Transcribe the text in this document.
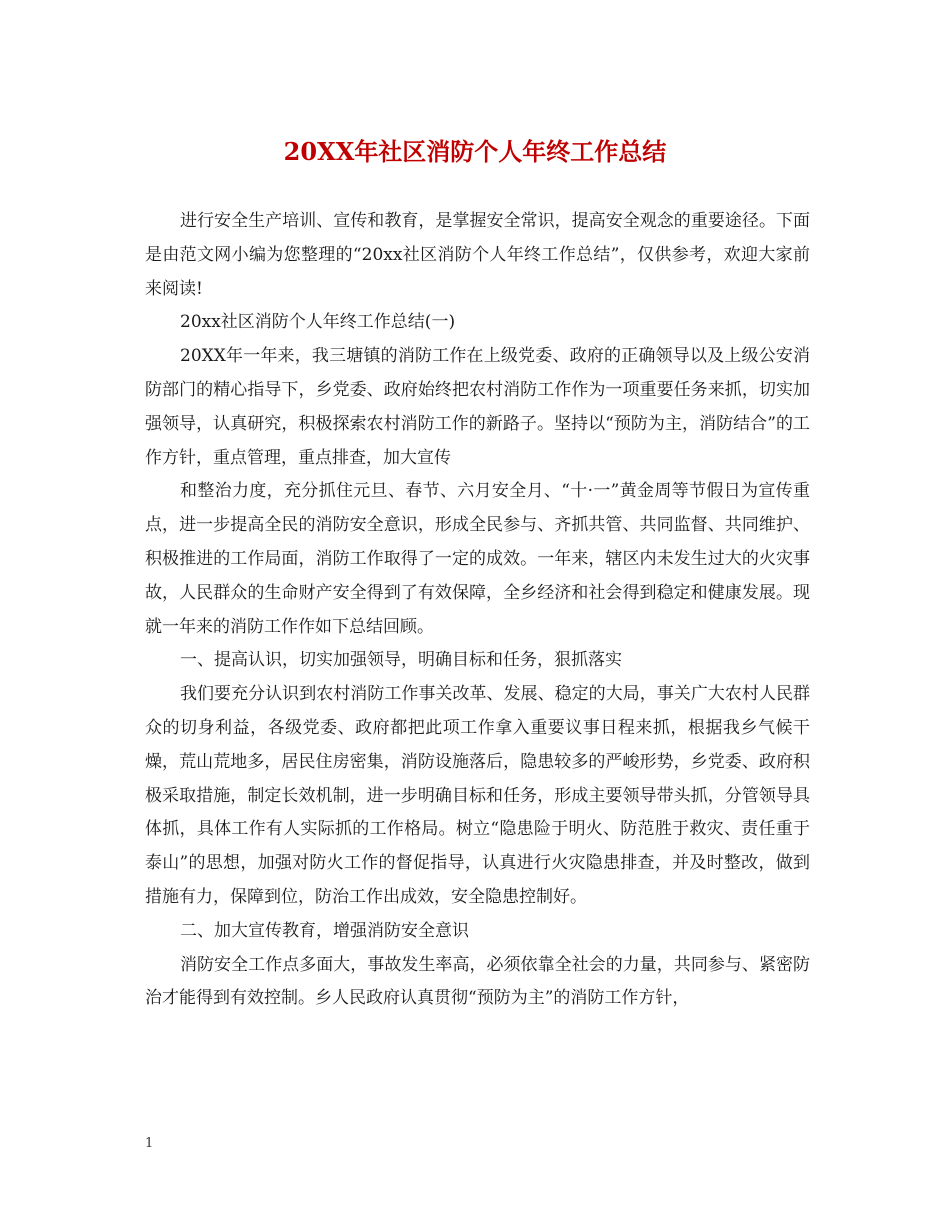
20XX年社区消防个人年终工作总结

进行安全生产培训、宣传和教育，是掌握安全常识，提高安全观念的重要途径。下面是由范文网小编为您整理的“20xx社区消防个人年终工作总结”，仅供参考，欢迎大家前来阅读!

20xx社区消防个人年终工作总结(一)

20XX年一年来，我三塘镇的消防工作在上级党委、政府的正确领导以及上级公安消防部门的精心指导下，乡党委、政府始终把农村消防工作作为一项重要任务来抓，切实加强领导，认真研究，积极探索农村消防工作的新路子。坚持以“预防为主，消防结合”的工作方针，重点管理，重点排查，加大宣传

和整治力度，充分抓住元旦、春节、六月安全月、“十·一”黄金周等节假日为宣传重点，进一步提高全民的消防安全意识，形成全民参与、齐抓共管、共同监督、共同维护、积极推进的工作局面，消防工作取得了一定的成效。一年来，辖区内未发生过大的火灾事故，人民群众的生命财产安全得到了有效保障，全乡经济和社会得到稳定和健康发展。现就一年来的消防工作作如下总结回顾。

一、提高认识，切实加强领导，明确目标和任务，狠抓落实

我们要充分认识到农村消防工作事关改革、发展、稳定的大局，事关广大农村人民群众的切身利益，各级党委、政府都把此项工作拿入重要议事日程来抓，根据我乡气候干燥，荒山荒地多，居民住房密集，消防设施落后，隐患较多的严峻形势，乡党委、政府积极采取措施，制定长效机制，进一步明确目标和任务，形成主要领导带头抓，分管领导具体抓，具体工作有人实际抓的工作格局。树立“隐患险于明火、防范胜于救灾、责任重于泰山”的思想，加强对防火工作的督促指导，认真进行火灾隐患排查，并及时整改，做到措施有力，保障到位，防治工作出成效，安全隐患控制好。

二、加大宣传教育，增强消防安全意识

消防安全工作点多面大，事故发生率高，必须依靠全社会的力量，共同参与、紧密防治才能得到有效控制。乡人民政府认真贯彻“预防为主”的消防工作方针，

1
